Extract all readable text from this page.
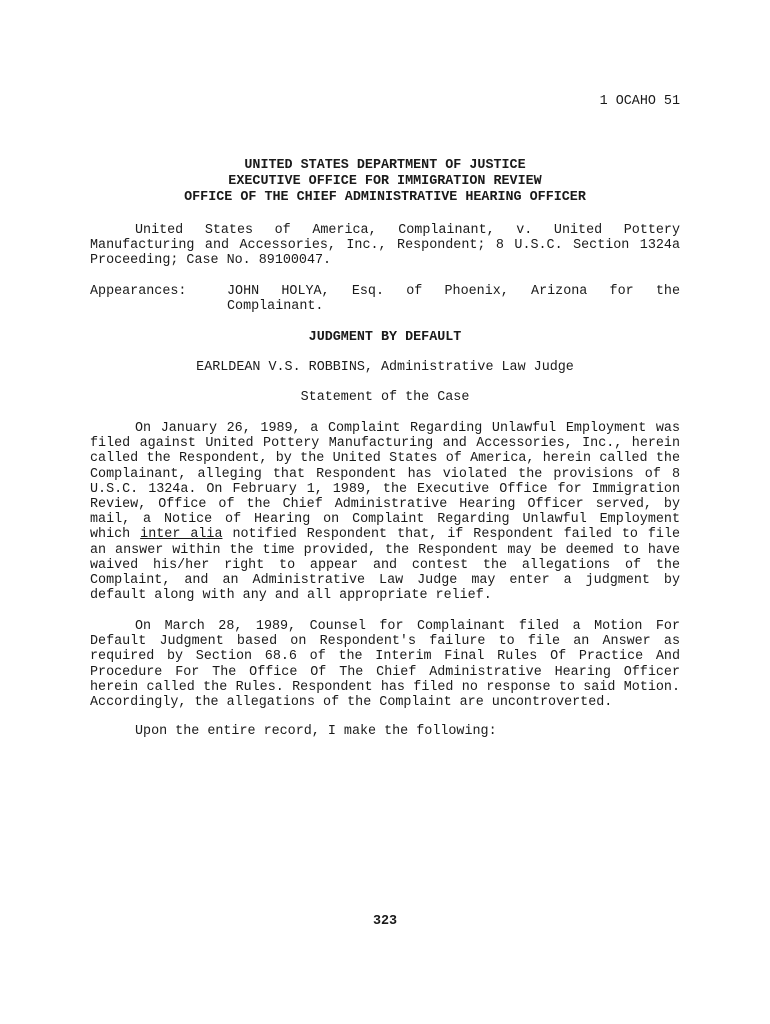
1 OCAHO 51
UNITED STATES DEPARTMENT OF JUSTICE
EXECUTIVE OFFICE FOR IMMIGRATION REVIEW
OFFICE OF THE CHIEF ADMINISTRATIVE HEARING OFFICER
United States of America, Complainant, v. United Pottery Manufacturing and Accessories, Inc., Respondent; 8 U.S.C. Section 1324a Proceeding; Case No. 89100047.
Appearances:	JOHN HOLYA, Esq. of Phoenix, Arizona for the Complainant.
JUDGMENT BY DEFAULT
EARLDEAN V.S. ROBBINS, Administrative Law Judge
Statement of the Case
On January 26, 1989, a Complaint Regarding Unlawful Employment was filed against United Pottery Manufacturing and Accessories, Inc., herein called the Respondent, by the United States of America, herein called the Complainant, alleging that Respondent has violated the provisions of 8 U.S.C. 1324a. On February 1, 1989, the Executive Office for Immigration Review, Office of the Chief Administrative Hearing Officer served, by mail, a Notice of Hearing on Complaint Regarding Unlawful Employment which inter alia notified Respondent that, if Respondent failed to file an answer within the time provided, the Respondent may be deemed to have waived his/her right to appear and contest the allegations of the Complaint, and an Administrative Law Judge may enter a judgment by default along with any and all appropriate relief.
On March 28, 1989, Counsel for Complainant filed a Motion For Default Judgment based on Respondent's failure to file an Answer as required by Section 68.6 of the Interim Final Rules Of Practice And Procedure For The Office Of The Chief Administrative Hearing Officer herein called the Rules. Respondent has filed no response to said Motion. Accordingly, the allegations of the Complaint are uncontroverted.
Upon the entire record, I make the following:
323
